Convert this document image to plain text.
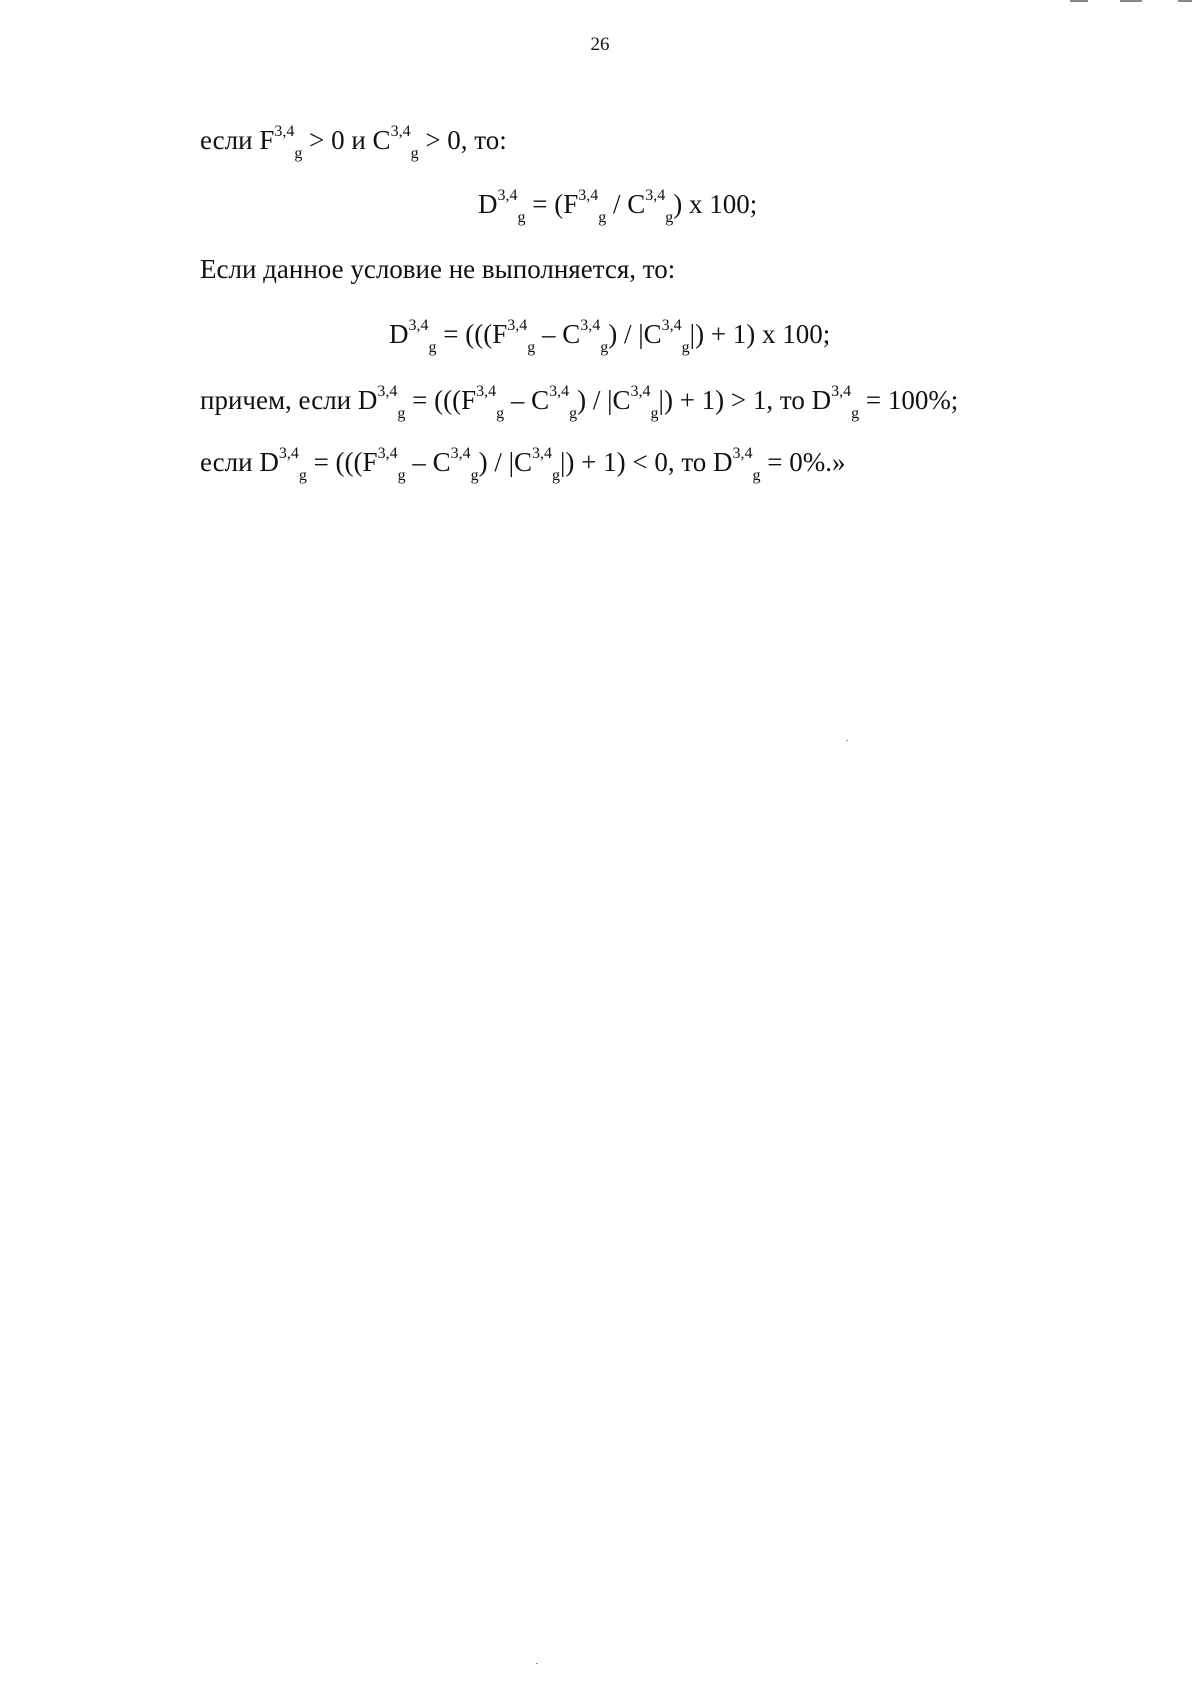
26
если F$^{3,4}_g$ > 0 и C$^{3,4}_g$ > 0, то:
$D^{3,4}_g = (F^{3,4}_g / C^{3,4}_g)$ x 100;
Если данное условие не выполняется, то:
$D^{3,4}_g = (((F^{3,4}_g - C^{3,4}_g) / |C^{3,4}_g|) + 1)$ x 100;
причем, если $D^{3,4}_g = (((F^{3,4}_g - C^{3,4}_g) / |C^{3,4}_g|) + 1) > 1$, то D$^{3,4}_g$ = 100%;
если $D^{3,4}_g = (((F^{3,4}_g - C^{3,4}_g) / |C^{3,4}_g|) + 1) < 0$, то D$^{3,4}_g$ = 0%.»
